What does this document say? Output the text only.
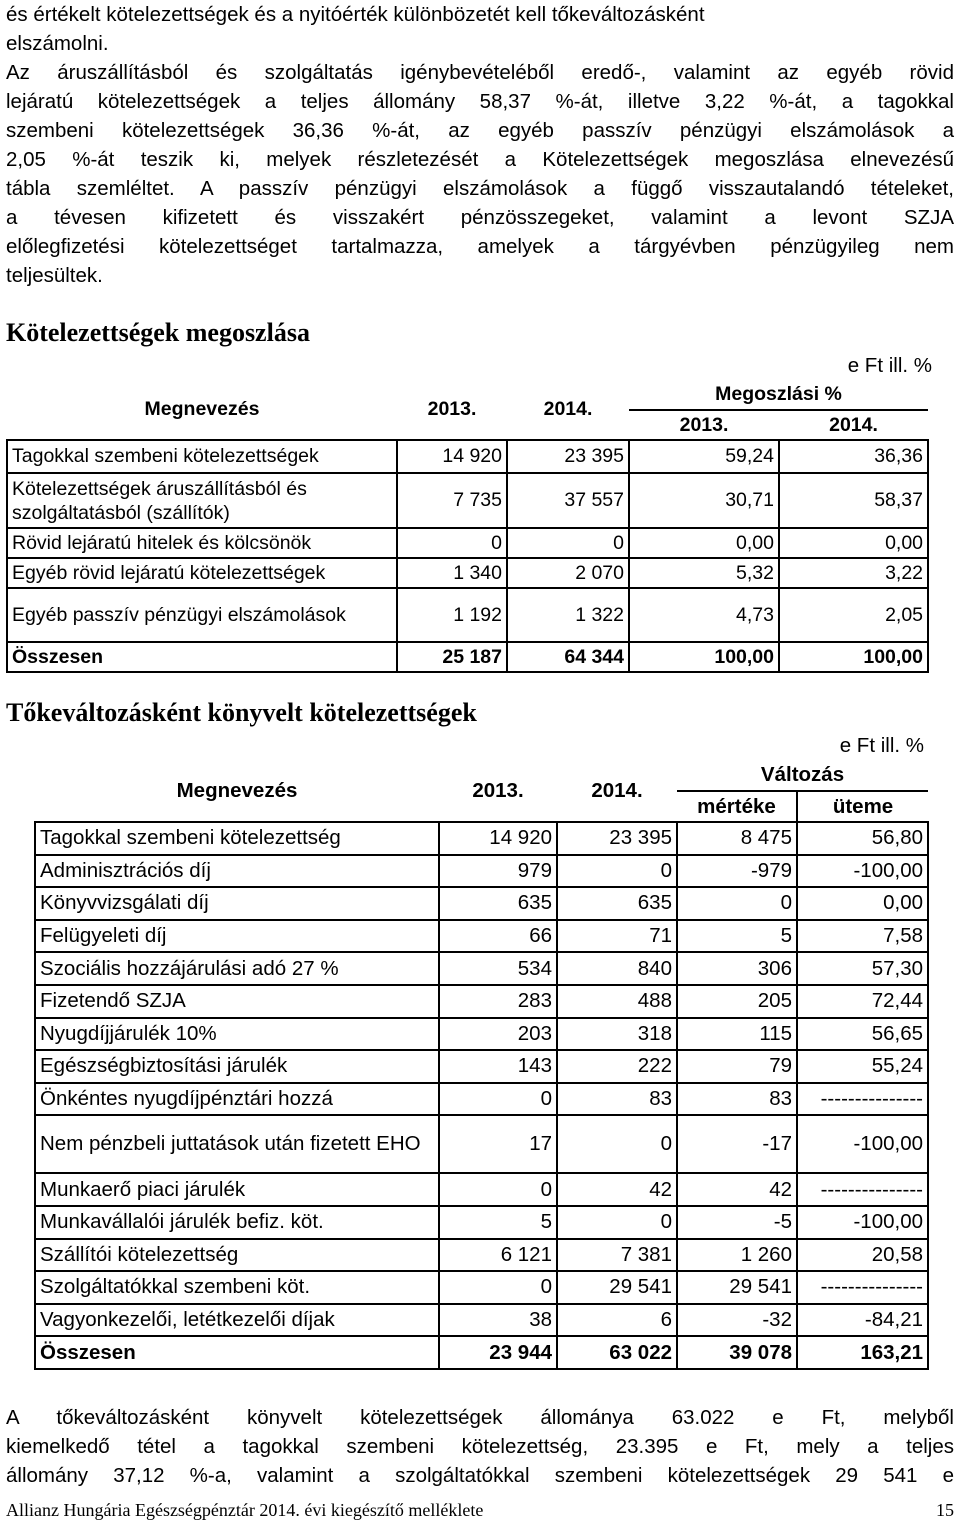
és értékelt kötelezettségek és a nyitóérték különbözetét kell tőkeváltozásként
elszámolni.
Az áruszállításból és szolgáltatás igénybevételéből eredő-, valamint az egyéb rövid
lejáratú kötelezettségek a teljes állomány 58,37 %-át, illetve 3,22 %-át, a tagokkal
szembeni kötelezettségek 36,36 %-át, az egyéb passzív pénzügyi elszámolások a
2,05 %-át teszik ki, melyek részletezését a Kötelezettségek megoszlása elnevezésű
tábla szemléltet. A passzív pénzügyi elszámolások a függő visszautalandó tételeket,
a tévesen kifizetett és visszakért pénzösszegeket, valamint a levont SZJA
előlegfizetési kötelezettséget tartalmazza, amelyek a tárgyévben pénzügyileg nem
teljesültek.
Kötelezettségek megoszlása
e Ft ill. %
Megnevezés	2013.	2014.	Megoszlási %	
			2013.	2014.
Tagokkal szembeni kötelezettségek	14 920	23 395	59,24	36,36
Kötelezettségek áruszállításból és szolgáltatásból (szállítók)	7 735	37 557	30,71	58,37
Rövid lejáratú hitelek és kölcsönök	0	0	0,00	0,00
Egyéb rövid lejáratú kötelezettségek	1 340	2 070	5,32	3,22
Egyéb passzív pénzügyi elszámolások	1 192	1 322	4,73	2,05
Összesen	25 187	64 344	100,00	100,00
Tőkeváltozásként könyvelt kötelezettségek
e Ft ill. %
Megnevezés	2013.	2014.	Változás	
			mértéke	üteme
Tagokkal szembeni kötelezettség	14 920	23 395	8 475	56,80
Adminisztrációs díj	979	0	-979	-100,00
Könyvvizsgálati díj	635	635	0	0,00
Felügyeleti díj	66	71	5	7,58
Szociális hozzájárulási adó 27 %	534	840	306	57,30
Fizetendő SZJA	283	488	205	72,44
Nyugdíjjárulék 10%	203	318	115	56,65
Egészségbiztosítási járulék	143	222	79	55,24
Önkéntes nyugdíjpénztári hozzá	0	83	83	---------------
Nem pénzbeli juttatások után fizetett EHO	17	0	-17	-100,00
Munkaerő piaci járulék	0	42	42	---------------
Munkavállalói járulék befiz. köt.	5	0	-5	-100,00
Szállítói kötelezettség	6 121	7 381	1 260	20,58
Szolgáltatókkal szembeni köt.	0	29 541	29 541	---------------
Vagyonkezelői, letétkezelői díjak	38	6	-32	-84,21
Összesen	23 944	63 022	39 078	163,21
A tőkeváltozásként könyvelt kötelezettségek állománya 63.022 e Ft, melyből
kiemelkedő tétel a tagokkal szembeni kötelezettség, 23.395 e Ft, mely a teljes
állomány 37,12 %-a, valamint a szolgáltatókkal szembeni kötelezettségek 29 541 e
Allianz Hungária Egészségpénztár 2014. évi kiegészítő melléklete	15
